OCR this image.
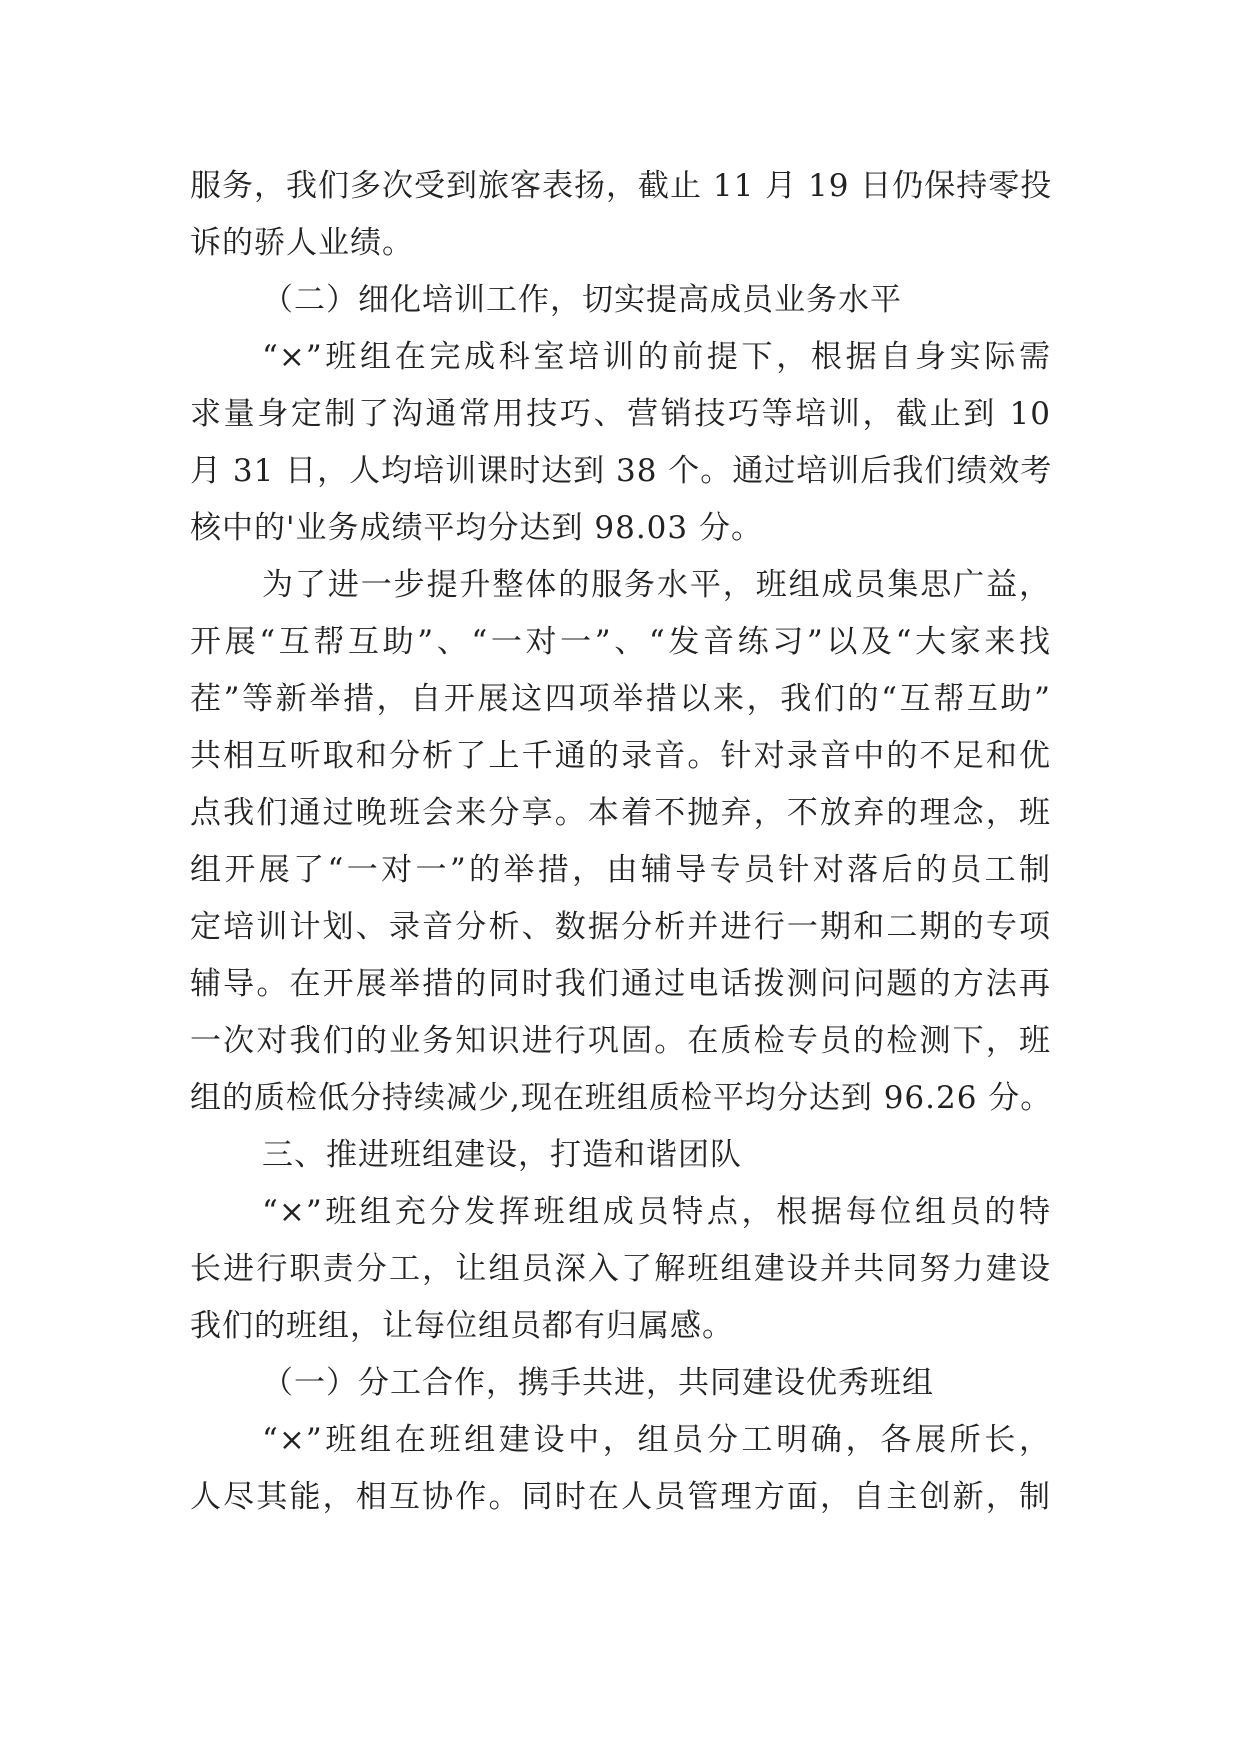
服务，我们多次受到旅客表扬，截止 11 月 19 日仍保持零投
诉的骄人业绩。
（二）细化培训工作，切实提高成员业务水平
“×”班组在完成科室培训的前提下，根据自身实际需
求量身定制了沟通常用技巧、营销技巧等培训，截止到 10
月 31 日，人均培训课时达到 38 个。通过培训后我们绩效考
核中的'业务成绩平均分达到 98.03 分。
为了进一步提升整体的服务水平，班组成员集思广益，
开展“互帮互助”、“一对一”、“发音练习”以及“大家来找
茬”等新举措，自开展这四项举措以来，我们的“互帮互助”
共相互听取和分析了上千通的录音。针对录音中的不足和优
点我们通过晚班会来分享。本着不抛弃，不放弃的理念，班
组开展了“一对一”的举措，由辅导专员针对落后的员工制
定培训计划、录音分析、数据分析并进行一期和二期的专项
辅导。在开展举措的同时我们通过电话拨测问问题的方法再
一次对我们的业务知识进行巩固。在质检专员的检测下，班
组的质检低分持续减少,现在班组质检平均分达到 96.26 分。
三、推进班组建设，打造和谐团队
“×”班组充分发挥班组成员特点，根据每位组员的特
长进行职责分工，让组员深入了解班组建设并共同努力建设
我们的班组，让每位组员都有归属感。
（一）分工合作，携手共进，共同建设优秀班组
“×”班组在班组建设中，组员分工明确，各展所长，
人尽其能，相互协作。同时在人员管理方面，自主创新，制
